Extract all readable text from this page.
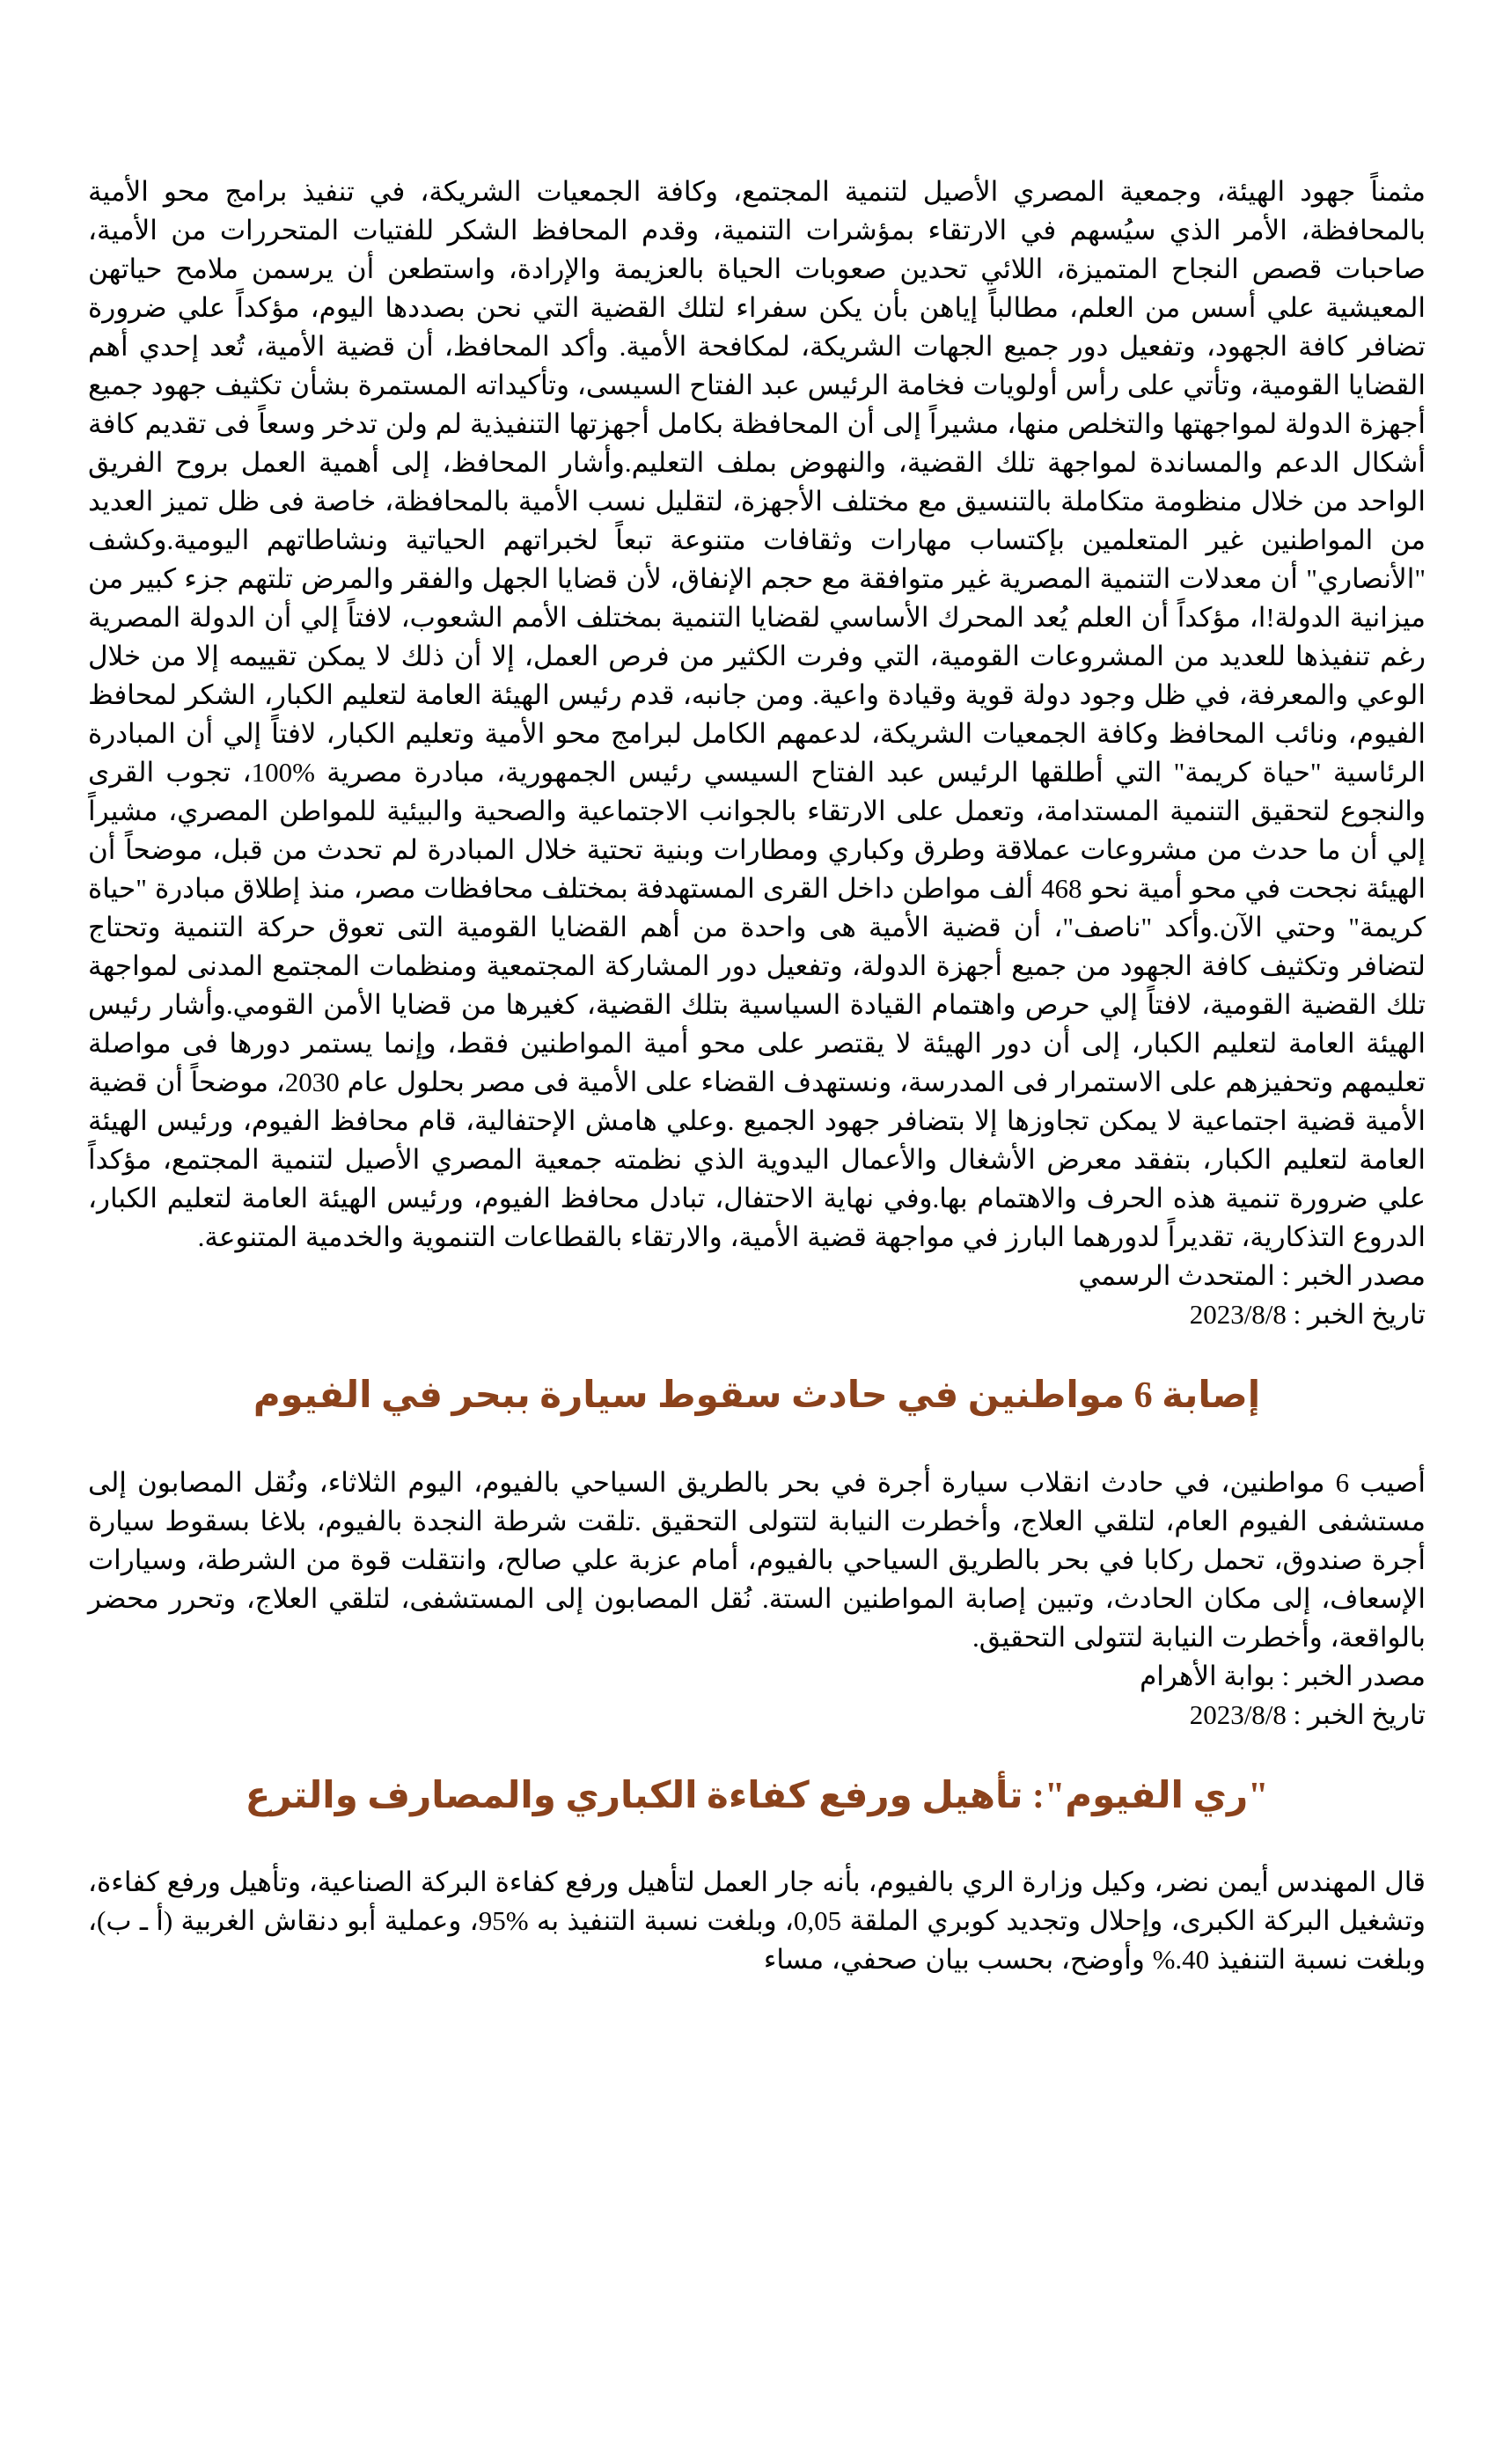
مثمناً جهود الهيئة، وجمعية المصري الأصيل لتنمية المجتمع، وكافة الجمعيات الشريكة، في تنفيذ برامج محو الأمية بالمحافظة، الأمر الذي سيُسهم في الارتقاء بمؤشرات التنمية، وقدم المحافظ الشكر للفتيات المتحررات من الأمية، صاحبات قصص النجاح المتميزة، اللائي تحدين صعوبات الحياة بالعزيمة والإرادة، واستطعن أن يرسمن ملامح حياتهن المعيشية علي أسس من العلم، مطالباً إياهن بأن يكن سفراء لتلك القضية التي نحن بصددها اليوم، مؤكداً علي ضرورة تضافر كافة الجهود، وتفعيل دور جميع الجهات الشريكة، لمكافحة الأمية. وأكد المحافظ، أن قضية الأمية، تُعد إحدي أهم القضايا القومية، وتأتي على رأس أولويات فخامة الرئيس عبد الفتاح السيسى، وتأكيداته المستمرة بشأن تكثيف جهود جميع أجهزة الدولة لمواجهتها والتخلص منها، مشيراً إلى أن المحافظة بكامل أجهزتها التنفيذية لم ولن تدخر وسعاً فى تقديم كافة أشكال الدعم والمساندة لمواجهة تلك القضية، والنهوض بملف التعليم.وأشار المحافظ، إلى أهمية العمل بروح الفريق الواحد من خلال منظومة متكاملة بالتنسيق مع مختلف الأجهزة، لتقليل نسب الأمية بالمحافظة، خاصة فى ظل تميز العديد من المواطنين غير المتعلمين بإكتساب مهارات وثقافات متنوعة تبعاً لخبراتهم الحياتية ونشاطاتهم اليومية.وكشف "الأنصاري" أن معدلات التنمية المصرية غير متوافقة مع حجم الإنفاق، لأن قضايا الجهل والفقر والمرض تلتهم جزء كبير من ميزانية الدولة!ا، مؤكداً أن العلم يُعد المحرك الأساسي لقضايا التنمية بمختلف الأمم الشعوب، لافتاً إلي أن الدولة المصرية رغم تنفيذها للعديد من المشروعات القومية، التي وفرت الكثير من فرص العمل، إلا أن ذلك لا يمكن تقييمه إلا من خلال الوعي والمعرفة، في ظل وجود دولة قوية وقيادة واعية. ومن جانبه، قدم رئيس الهيئة العامة لتعليم الكبار، الشكر لمحافظ الفيوم، ونائب المحافظ وكافة الجمعيات الشريكة، لدعمهم الكامل لبرامج محو الأمية وتعليم الكبار، لافتاً إلي أن المبادرة الرئاسية "حياة كريمة" التي أطلقها الرئيس عبد الفتاح السيسي رئيس الجمهورية، مبادرة مصرية %100، تجوب القرى والنجوع لتحقيق التنمية المستدامة، وتعمل على الارتقاء بالجوانب الاجتماعية والصحية والبيئية للمواطن المصري، مشيراً إلي أن ما حدث من مشروعات عملاقة وطرق وكباري ومطارات وبنية تحتية خلال المبادرة لم تحدث من قبل، موضحاً أن الهيئة نجحت في محو أمية نحو 468 ألف مواطن داخل القرى المستهدفة بمختلف محافظات مصر، منذ إطلاق مبادرة "حياة كريمة" وحتي الآن.وأكد "ناصف"، أن قضية الأمية هى واحدة من أهم القضايا القومية التى تعوق حركة التنمية وتحتاج لتضافر وتكثيف كافة الجهود من جميع أجهزة الدولة، وتفعيل دور المشاركة المجتمعية ومنظمات المجتمع المدنى لمواجهة تلك القضية القومية، لافتاً إلي حرص واهتمام القيادة السياسية بتلك القضية، كغيرها من قضايا الأمن القومي.وأشار رئيس الهيئة العامة لتعليم الكبار، إلى أن دور الهيئة لا يقتصر على محو أمية المواطنين فقط، وإنما يستمر دورها فى مواصلة تعليمهم وتحفيزهم على الاستمرار فى المدرسة، ونستهدف القضاء على الأمية فى مصر بحلول عام 2030، موضحاً أن قضية الأمية قضية اجتماعية لا يمكن تجاوزها إلا بتضافر جهود الجميع .وعلي هامش الإحتفالية، قام محافظ الفيوم، ورئيس الهيئة العامة لتعليم الكبار، بتفقد معرض الأشغال والأعمال اليدوية الذي نظمته جمعية المصري الأصيل لتنمية المجتمع، مؤكداً علي ضرورة تنمية هذه الحرف والاهتمام بها.وفي نهاية الاحتفال، تبادل محافظ الفيوم، ورئيس الهيئة العامة لتعليم الكبار، الدروع التذكارية، تقديراً لدورهما البارز في مواجهة قضية الأمية، والارتقاء بالقطاعات التنموية والخدمية المتنوعة.

مصدر الخبر : المتحدث الرسمي

تاريخ الخبر : 2023/8/8

إصابة 6 مواطنين في حادث سقوط سيارة ببحر في الفيوم

أصيب 6 مواطنين، في حادث انقلاب سيارة أجرة في بحر بالطريق السياحي بالفيوم، اليوم الثلاثاء، ونُقل المصابون إلى مستشفى الفيوم العام، لتلقي العلاج، وأخطرت النيابة لتتولى التحقيق .تلقت شرطة النجدة بالفيوم، بلاغا بسقوط سيارة أجرة صندوق، تحمل ركابا في بحر بالطريق السياحي بالفيوم، أمام عزبة علي صالح، وانتقلت قوة من الشرطة، وسيارات الإسعاف، إلى مكان الحادث، وتبين إصابة المواطنين الستة. نُقل المصابون إلى المستشفى، لتلقي العلاج، وتحرر محضر بالواقعة، وأخطرت النيابة لتتولى التحقيق.

مصدر الخبر : بوابة الأهرام

تاريخ الخبر : 2023/8/8

"ري الفيوم": تأهيل ورفع كفاءة الكباري والمصارف والترع

قال المهندس أيمن نضر، وكيل وزارة الري بالفيوم، بأنه جار العمل لتأهيل ورفع كفاءة البركة الصناعية، وتأهيل ورفع كفاءة، وتشغيل البركة الكبرى، وإحلال وتجديد كوبري الملقة 0,05، وبلغت نسبة التنفيذ به %95، وعملية أبو دنقاش الغربية (أ ـ ب)، وبلغت نسبة التنفيذ 40.% وأوضح، بحسب بيان صحفي، مساء
